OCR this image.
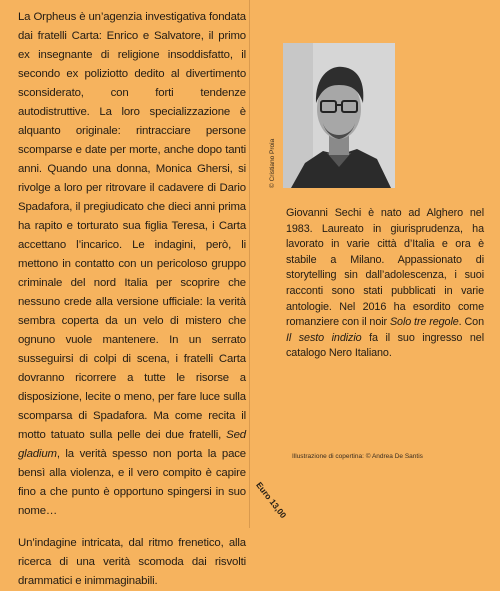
La Orpheus è un’agenzia investigativa fondata dai fratelli Carta: Enrico e Salvatore, il primo ex insegnante di religione insoddisfatto, il secondo ex poliziotto dedito al divertimento sconsiderato, con forti tendenze autodistruttive. La loro specializzazione è alquanto originale: rintracciare persone scomparse e date per morte, anche dopo tanti anni. Quando una donna, Monica Ghersi, si rivolge a loro per ritrovare il cadavere di Dario Spadafora, il pregiudicato che dieci anni prima ha rapito e torturato sua figlia Teresa, i Carta accettano l’incarico. Le indagini, però, li mettono in contatto con un pericoloso gruppo criminale del nord Italia per scoprire che nessuno crede alla versione ufficiale: la verità sembra coperta da un velo di mistero che ognuno vuole mantenere. In un serrato susseguirsi di colpi di scena, i fratelli Carta dovranno ricorrere a tutte le risorse a disposizione, lecite o meno, per fare luce sulla scomparsa di Spadafora. Ma come recita il motto tatuato sulla pelle dei due fratelli, Sed gladium, la verità spesso non porta la pace bensì alla violenza, e il vero compito è capire fino a che punto è opportuno spingersi in suo nome…

Un’indagine intricata, dal ritmo frenetico, alla ricerca di una verità scomoda dai risvolti drammatici e inimmaginabili.

© Cristiano Proia

Giovanni Sechi è nato ad Alghero nel 1983. Laureato in giurisprudenza, ha lavorato in varie città d’Italia e ora è stabile a Milano. Appassionato di storytelling sin dall’adolescenza, i suoi racconti sono stati pubblicati in varie antologie. Nel 2016 ha esordito come romanziere con il noir Solo tre regole. Con Il sesto indizio fa il suo ingresso nel catalogo Nero Italiano.

Illustrazione di copertina: © Andrea De Santis
Euro 13,00
